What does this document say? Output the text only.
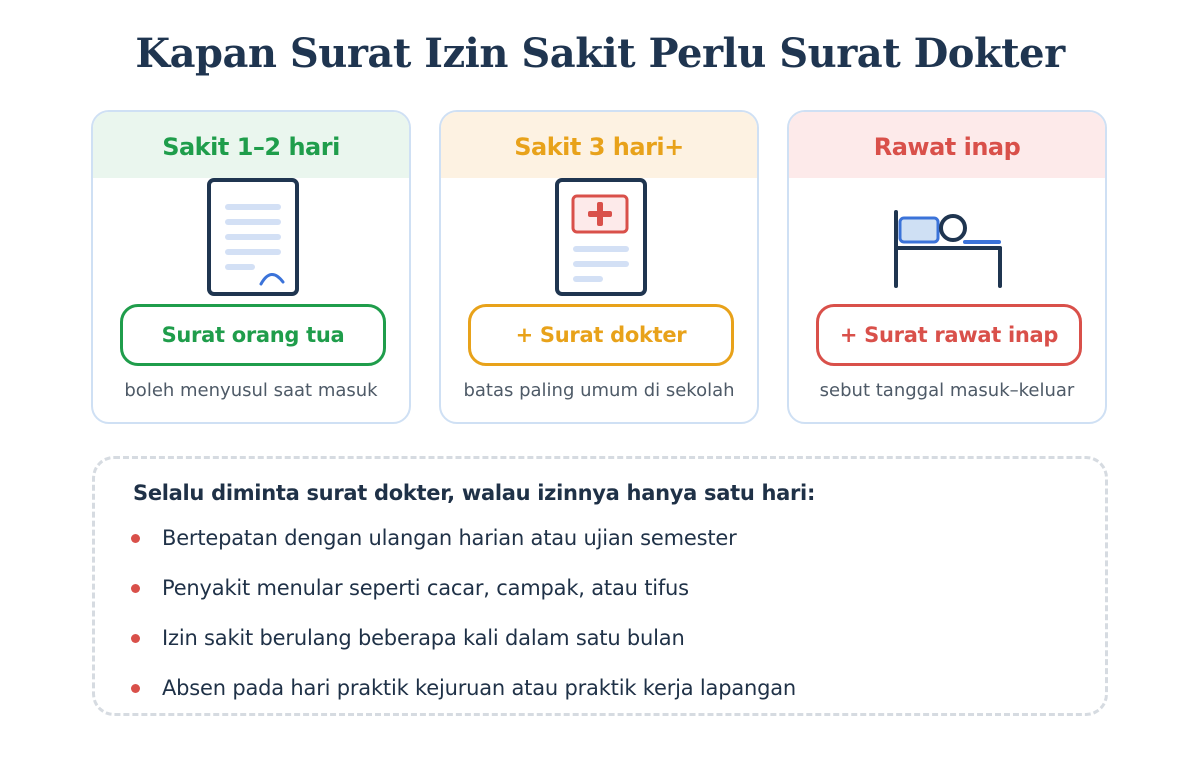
Kapan Surat Izin Sakit Perlu Surat Dokter
Sakit 1–2 hari
Surat orang tua
boleh menyusul saat masuk
Sakit 3 hari+
+ Surat dokter
batas paling umum di sekolah
Rawat inap
+ Surat rawat inap
sebut tanggal masuk–keluar
Selalu diminta surat dokter, walau izinnya hanya satu hari:
Bertepatan dengan ulangan harian atau ujian semester
Penyakit menular seperti cacar, campak, atau tifus
Izin sakit berulang beberapa kali dalam satu bulan
Absen pada hari praktik kejuruan atau praktik kerja lapangan
